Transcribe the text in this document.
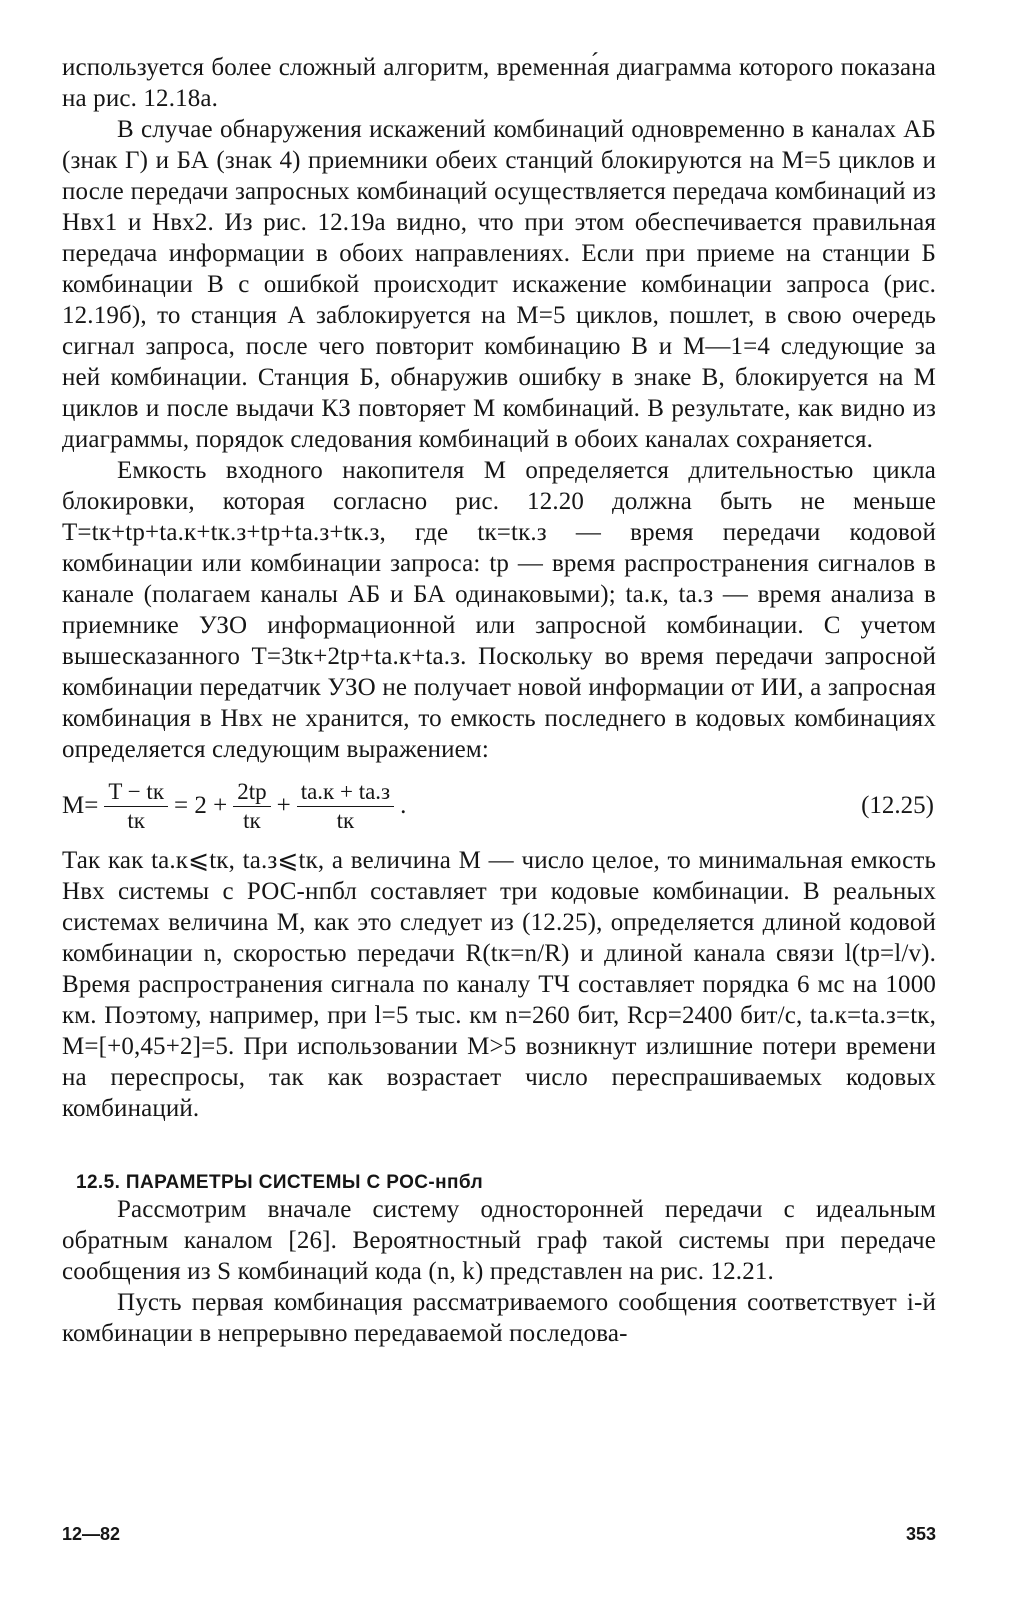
используется более сложный алгоритм, временна́я диаграмма которого показана на рис. 12.18а.

В случае обнаружения искажений комбинаций одновременно в каналах АБ (знак Г) и БА (знак 4) приемники обеих станций блокируются на M=5 циклов и после передачи запросных комбинаций осуществляется передача комбинаций из Hвх1 и Hвх2. Из рис. 12.19а видно, что при этом обеспечивается правильная передача информации в обоих направлениях. Если при приеме на станции Б комбинации В с ошибкой происходит искажение комбинации запроса (рис. 12.19б), то станция А заблокируется на M=5 циклов, пошлет, в свою очередь сигнал запроса, после чего повторит комбинацию В и M—1=4 следующие за ней комбинации. Станция Б, обнаружив ошибку в знаке В, блокируется на M циклов и после выдачи КЗ повторяет M комбинаций. В результате, как видно из диаграммы, порядок следования комбинаций в обоих каналах сохраняется.

Емкость входного накопителя M определяется длительностью цикла блокировки, которая согласно рис. 12.20 должна быть не меньше T=tк+tр+tа.к+tк.з+tр+tа.з+tк.з, где tк=tк.з — время передачи кодовой комбинации или комбинации запроса: tр — время распространения сигналов в канале (полагаем каналы АБ и БА одинаковыми); tа.к, tа.з — время анализа в приемнике УЗО информационной или запросной комбинации. С учетом вышесказанного T=3tк+2tр+tа.к+tа.з. Поскольку во время передачи запросной комбинации передатчик УЗО не получает новой информации от ИИ, а запросная комбинация в Hвх не хранится, то емкость последнего в кодовых комбинациях определяется следующим выражением:

$M= \frac{T - tк}{tк} = 2 + \frac{2tр}{tк} + \frac{tа.к + tа.з}{tк}$ .	(12.25)

Так как tа.к⩽tк, tа.з⩽tк, а величина M — число целое, то минимальная емкость Hвх системы с РОС-нпбл составляет три кодовые комбинации. В реальных системах величина M, как это следует из (12.25), определяется длиной кодовой комбинации n, скоростью передачи R(tк=n/R) и длиной канала связи l(tр=l/v). Время распространения сигнала по каналу ТЧ составляет порядка 6 мс на 1000 км. Поэтому, например, при l=5 тыс. км n=260 бит, Rср=2400 бит/с, tа.к=tа.з=tк, M=[+0,45+2]=5. При использовании M>5 возникнут излишние потери времени на переспросы, так как возрастает число переспрашиваемых кодовых комбинаций.

12.5. ПАРАМЕТРЫ СИСТЕМЫ С РОС-нпбл

Рассмотрим вначале систему односторонней передачи с идеальным обратным каналом [26]. Вероятностный граф такой системы при передаче сообщения из S комбинаций кода (n, k) представлен на рис. 12.21.

Пусть первая комбинация рассматриваемого сообщения соответствует i-й комбинации в непрерывно передаваемой последова-

12—82	353
